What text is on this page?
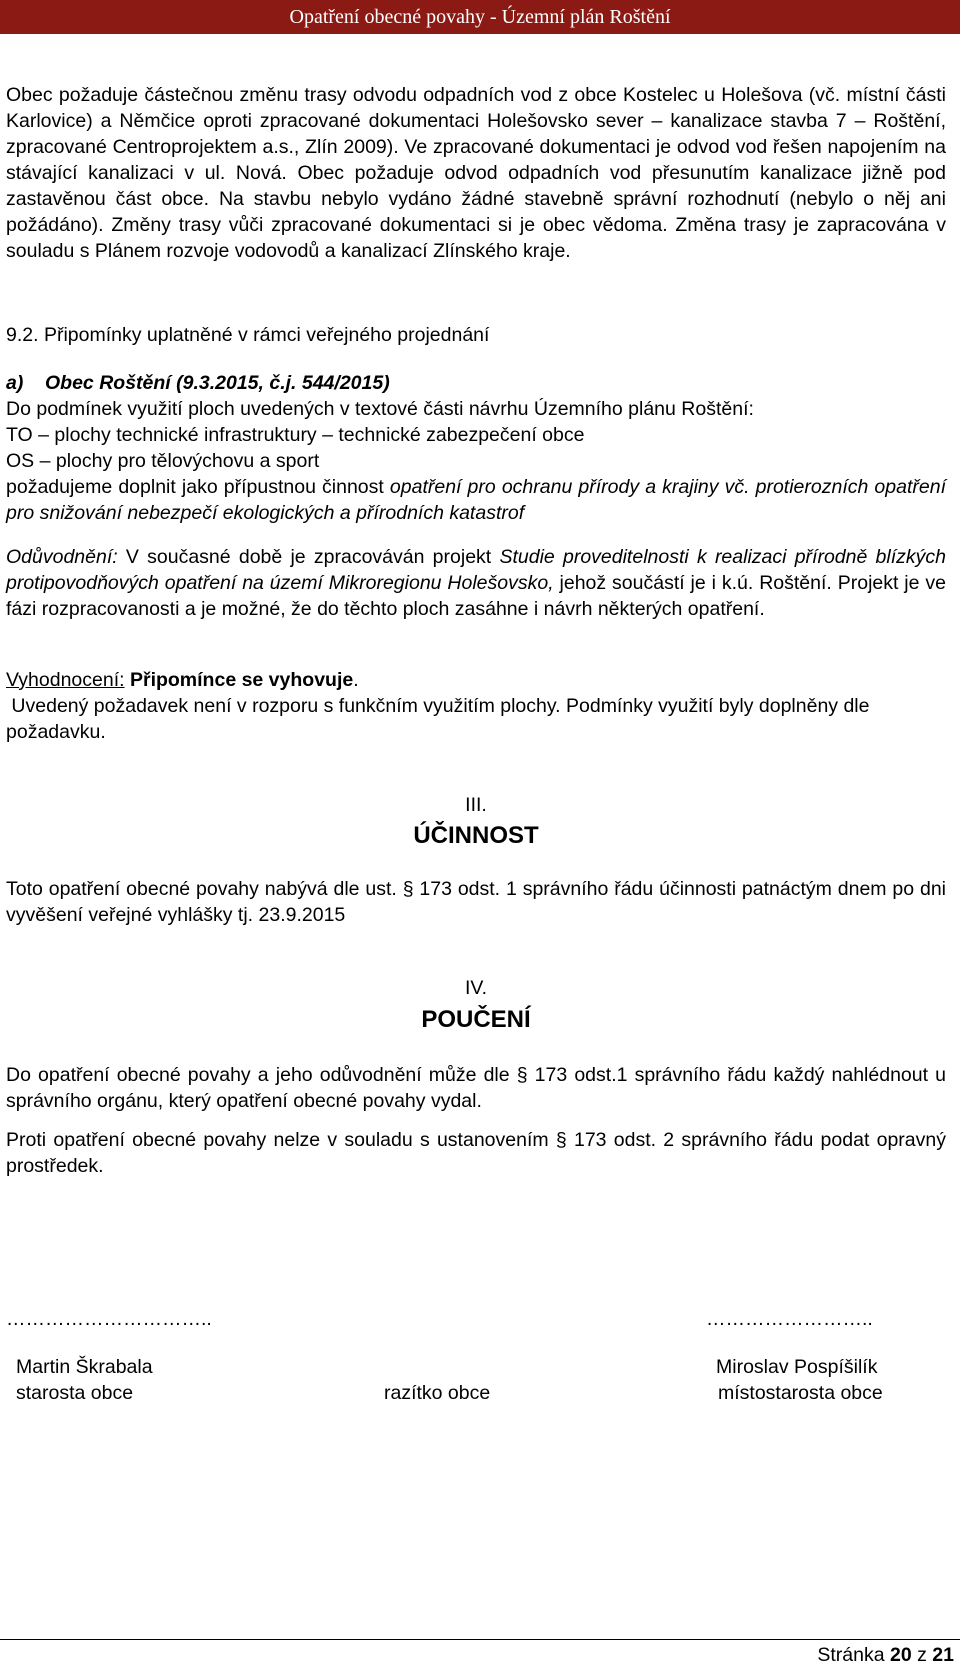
Opatření obecné povahy - Územní plán Roštění

Obec požaduje částečnou změnu trasy odvodu odpadních vod z obce Kostelec u Holešova (vč. místní části Karlovice) a Němčice oproti zpracované dokumentaci Holešovsko sever – kanalizace stavba 7 – Roštění, zpracované Centroprojektem a.s., Zlín 2009). Ve zpracované dokumentaci je odvod vod řešen napojením na stávající kanalizaci v ul. Nová. Obec požaduje odvod odpadních vod přesunutím kanalizace jižně pod zastavěnou část obce. Na stavbu nebylo vydáno žádné stavebně správní rozhodnutí (nebylo o něj ani požádáno). Změny trasy vůči zpracované dokumentaci si je obec vědoma. Změna trasy je zapracována v souladu s Plánem rozvoje vodovodů a kanalizací Zlínského kraje.

9.2. Připomínky uplatněné v rámci veřejného projednání

a)    Obec Roštění (9.3.2015, č.j. 544/2015)

Do podmínek využití ploch uvedených v textové části návrhu Územního plánu Roštění:

TO – plochy technické infrastruktury – technické zabezpečení obce

OS – plochy pro tělovýchovu a sport

požadujeme doplnit jako přípustnou činnost opatření pro ochranu přírody a krajiny vč. protierozních opatření pro snižování nebezpečí ekologických a přírodních katastrof

Odůvodnění: V současné době je zpracováván projekt Studie proveditelnosti k realizaci přírodně blízkých protipovodňových opatření na území Mikroregionu Holešovsko, jehož součástí je i k.ú. Roštění. Projekt je ve fázi rozpracovanosti a je možné, že do těchto ploch zasáhne i návrh některých opatření.

Vyhodnocení: Připomínce se vyhovuje.
Uvedený požadavek není v rozporu s funkčním využitím plochy. Podmínky využití byly doplněny dle požadavku.

III.
ÚČINNOST

Toto opatření obecné povahy nabývá dle ust. § 173 odst. 1 správního řádu účinnosti patnáctým dnem po dni vyvěšení veřejné vyhlášky tj. 23.9.2015

IV.
POUČENÍ

Do opatření obecné povahy a jeho odůvodnění může dle § 173 odst.1 správního řádu každý nahlédnout u správního orgánu, který opatření obecné povahy vydal.

Proti opatření obecné povahy nelze v souladu s ustanovením § 173 odst. 2 správního řádu podat opravný prostředek.

…………………………..	……………………..
Martin Škrabala
starosta obce	razítko obce
Miroslav Pospíšilík
místostarosta obce
Stránka 20 z 21
